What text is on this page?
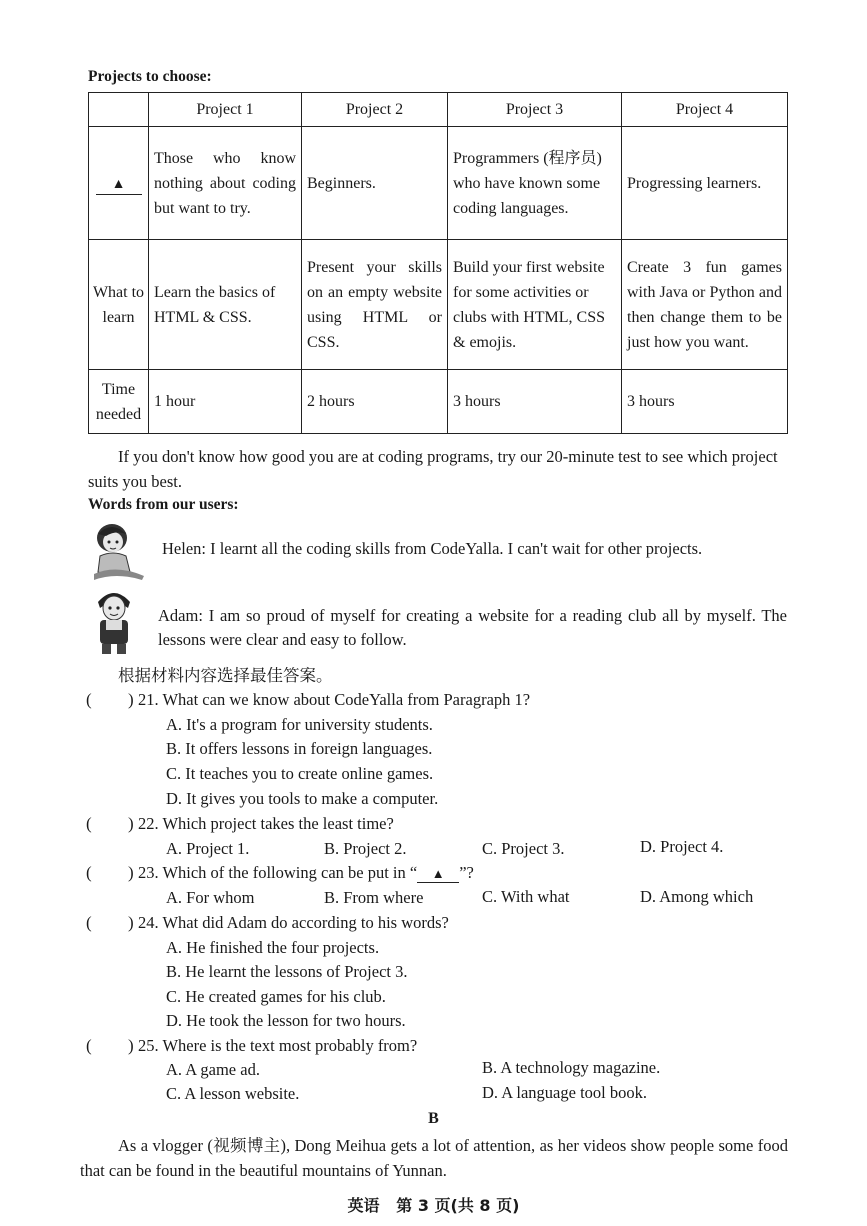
Projects to choose:
	Project 1	Project 2	Project 3	Project 4
▲	Those who know nothing about coding but want to try.	Beginners.	Programmers (程序员) who have known some coding languages.	Progressing learners.
What to learn	Learn the basics of HTML & CSS.	Present your skills on an empty website using HTML or CSS.	Build your first website for some activities or clubs with HTML, CSS & emojis.	Create 3 fun games with Java or Python and then change them to be just how you want.
Time needed	1 hour	2 hours	3 hours	3 hours
If you don't know how good you are at coding programs, try our 20-minute test to see which project suits you best.
Words from our users:
Helen: I learnt all the coding skills from CodeYalla. I can't wait for other projects.
Adam: I am so proud of myself for creating a website for a reading club all by myself. The lessons were clear and easy to follow.
根据材料内容选择最佳答案。
( ) 21. What can we know about CodeYalla from Paragraph 1?
A. It's a program for university students.
B. It offers lessons in foreign languages.
C. It teaches you to create online games.
D. It gives you tools to make a computer.
( ) 22. Which project takes the least time?
A. Project 1.	B. Project 2.	C. Project 3.	D. Project 4.
( ) 23. Which of the following can be put in “ ▲ ”?
A. For whom	B. From where	C. With what	D. Among which
( ) 24. What did Adam do according to his words?
A. He finished the four projects.
B. He learnt the lessons of Project 3.
C. He created games for his club.
D. He took the lesson for two hours.
( ) 25. Where is the text most probably from?
A. A game ad.	B. A technology magazine.
C. A lesson website.	D. A language tool book.
B
As a vlogger (视频博主), Dong Meihua gets a lot of attention, as her videos show people some food that can be found in the beautiful mountains of Yunnan.
英语   第 3 页(共 8 页)
